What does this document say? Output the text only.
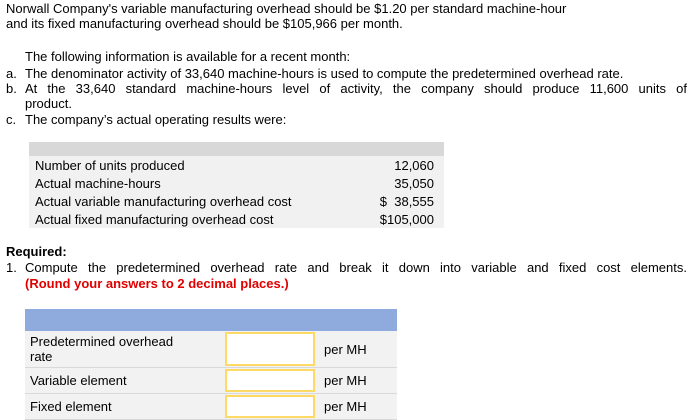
Norwall Company's variable manufacturing overhead should be $1.20 per standard machine-hour
and its fixed manufacturing overhead should be $105,966 per month.
The following information is available for a recent month:
a. The denominator activity of 33,640 machine-hours is used to compute the predetermined overhead rate.
b. At the 33,640 standard machine-hours level of activity, the company should produce 11,600 units of
product.
c. The company’s actual operating results were:

Number of units produced	12,060
Actual machine-hours	35,050
Actual variable manufacturing overhead cost	$  38,555
Actual fixed manufacturing overhead cost	$105,000
Required:
1. Compute the predetermined overhead rate and break it down into variable and fixed cost elements.
(Round your answers to 2 decimal places.)

Predetermined overhead
rate		per MH
Variable element		per MH
Fixed element		per MH
